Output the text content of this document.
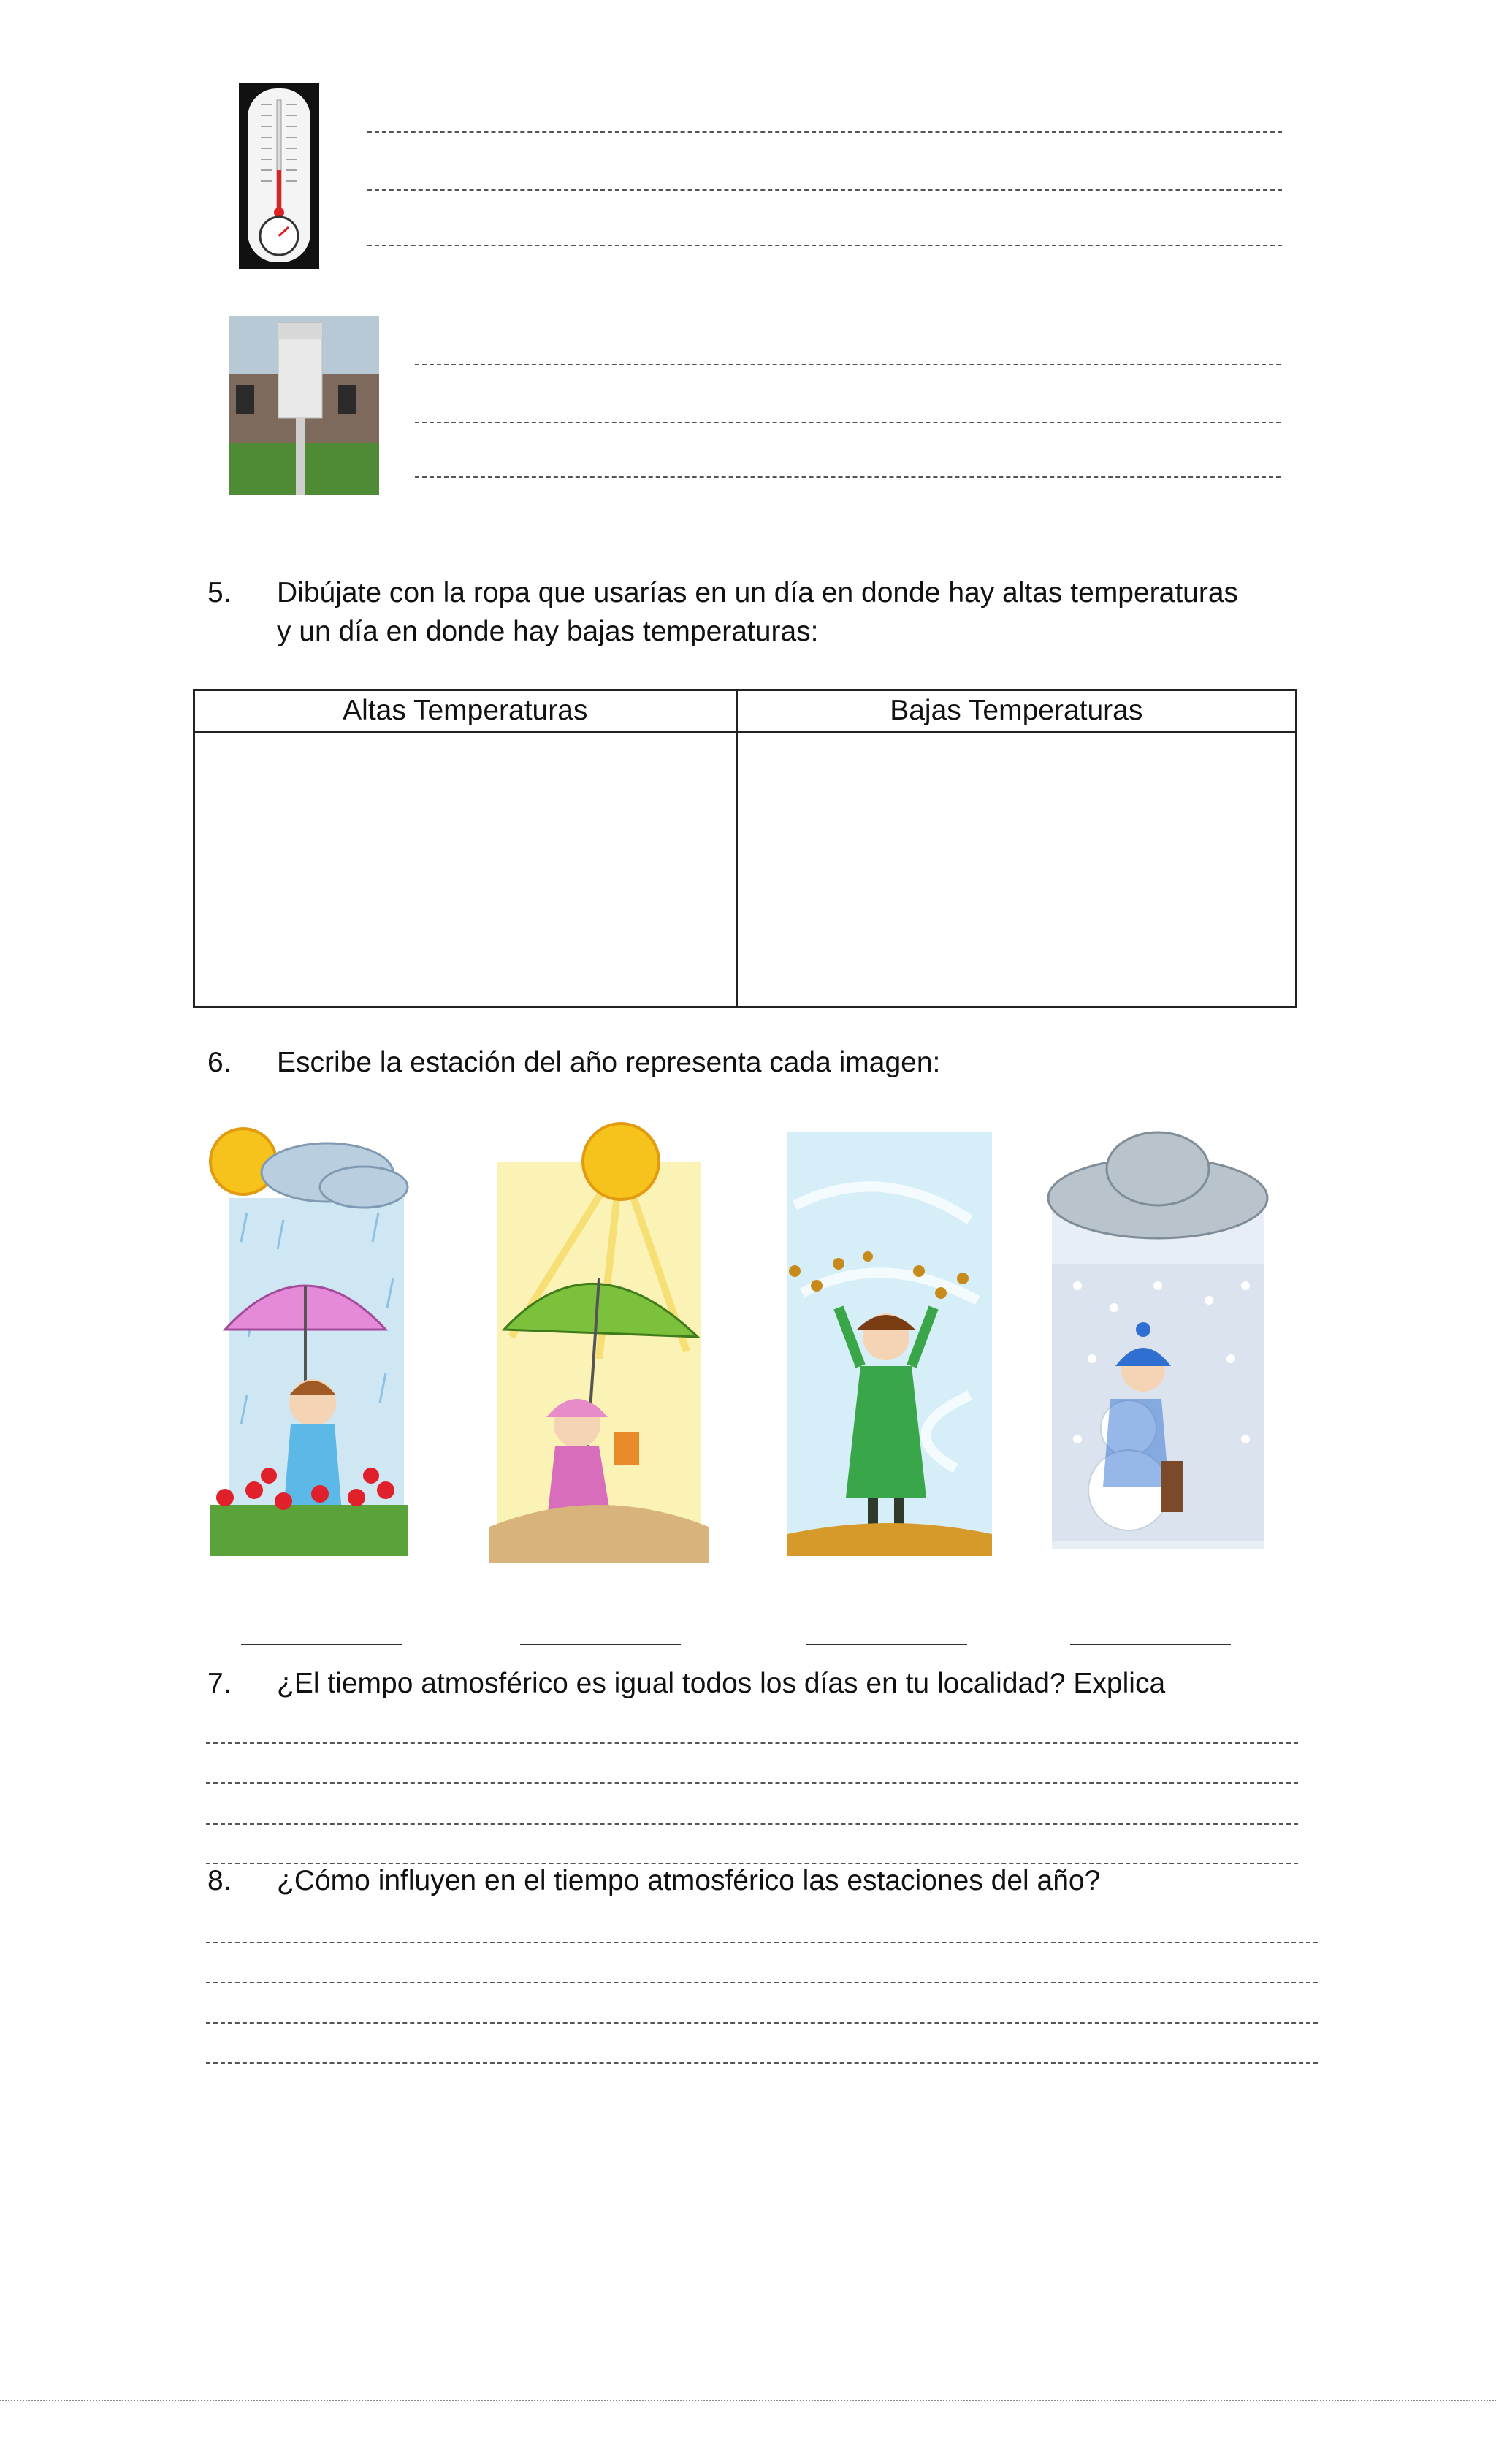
5. Dibújate con la ropa que usarías en un día en donde hay altas temperaturas
y un día en donde hay bajas temperaturas:
Altas Temperaturas	Bajas Temperaturas

6. Escribe la estación del año representa cada imagen:
7. ¿El tiempo atmosférico es igual todos los días en tu localidad? Explica
8. ¿Cómo influyen en el tiempo atmosférico las estaciones del año?
